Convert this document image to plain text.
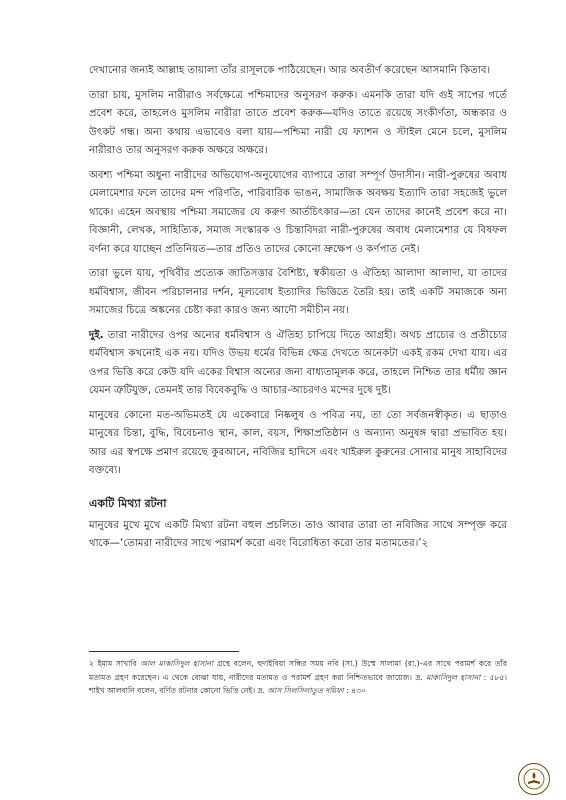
দেখানোর জন্যই আল্লাহ তায়ালা তাঁর রাসূলকে পাঠিয়েছেন। আর অবতীর্ণ করেছেন আসমানি কিতাব।

তারা চায়, মুসলিম নারীরাও সর্বক্ষেত্রে পশ্চিমাদের অনুসরণ করুক। এমনকি তারা যদি গুই সাপের গর্তে প্রবেশ করে, তাহলেও মুসলিম নারীরা তাতে প্রবেশ করুক—যদিও তাতে রয়েছে সংকীর্ণতা, অন্ধকার ও উৎকট গন্ধ। অন্য কথায় এভাবেও বলা যায়—পশ্চিমা নারী যে ফ্যাশন ও স্টাইল মেনে চলে, মুসলিম নারীরাও তার অনুসরণ করুক অক্ষরে অক্ষরে।

অবশ্য পশ্চিমা অধুনা নারীদের অভিযোগ-অনুযোগের ব্যাপারে তারা সম্পূর্ণ উদাসীন। নারী-পুরুষের অবাধ মেলামেশার ফলে তাদের মন্দ পরিণতি, পারিবারিক ভাঙন, সামাজিক অবক্ষয় ইত্যাদি তারা সহজেই ভুলে থাকে। এহেন অবস্থায় পশ্চিমা সমাজের যে করুণ আর্তচিৎকার—তা যেন তাদের কানেই প্রবেশ করে না। বিজ্ঞানী, লেখক, সাহিত্যিক, সমাজ সংস্কারক ও চিন্তাবিদরা নারী-পুরুষের অবাধ মেলামেশার যে বিষফল বর্ণনা করে যাচ্ছেন প্রতিনিয়ত—তার প্রতিও তাদের কোনো ভ্রুক্ষেপ ও কর্ণপাত নেই।

তারা ভুলে যায়, পৃথিবীর প্রত্যেক জাতিসত্তার বৈশিষ্ট্য, স্বকীয়তা ও ঐতিহ্য আলাদা আলাদা, যা তাদের ধর্মবিশ্বাস, জীবন পরিচালনার দর্শন, মূল্যবোধ ইত্যাদির ভিত্তিতে তৈরি হয়। তাই একটি সমাজকে অন্য সমাজের চিত্রে অঙ্কনের চেষ্টা করা কারও জন্য আদৌ সমীচীন নয়।

দুই. তারা নারীদের ওপর অন্যের ধর্মবিশ্বাস ও ঐতিহ্য চাপিয়ে দিতে আগ্রহী। অথচ প্রাচ্যের ও প্রতীচ্যের ধর্মবিশ্বাস কখনোই এক নয়। যদিও উভয় ধর্মের বিভিন্ন ক্ষেত্র দেখতে অনেকটা একই রকম দেখা যায়। এর ওপর ভিত্তি করে কেউ যদি একের বিশ্বাস অন্যের জন্য বাধ্যতামূলক করে, তাহলে নিশ্চিত তার ধর্মীয় জ্ঞান যেমন ত্রুটিযুক্ত, তেমনই তার বিবেকবুদ্ধি ও আচার-আচরণও মন্দের দুষে দুষ্ট।

মানুষের কোনো মত-অভিমতই যে একেবারে নিষ্কলুষ ও পবিত্র নয়, তা তো সর্বজনস্বীকৃত। এ ছাড়াও মানুষের চিন্তা, বুদ্ধি, বিবেচনাও স্থান, কাল, বয়স, শিক্ষাপ্রতিষ্ঠান ও অন্যান্য অনুষঙ্গ দ্বারা প্রভাবিত হয়। আর এর স্বপক্ষে প্রমাণ রয়েছে কুরআনে, নবিজির হাদিসে এবং খাইরুল কুরুনের সোনার মানুষ সাহাবিদের বক্তব্যে।

একটি মিথ্যা রটনা

মানুষের মুখে মুখে একটি মিথ্যা রটনা বহুল প্রচলিত। তাও আবার তারা তা নবিজির সাথে সম্পৃক্ত করে থাকে—‘তোমরা নারীদের সাথে পরামর্শ করো এবং বিরোধিতা করো তার মতামতের।’২

২ ইমাম সাখাবি আল মাকাসিদুল হাসানা গ্রন্থে বলেন, হুদাইবিয়া সন্ধির সময় নবি (সা.) উম্মে সালামা (রা.)-এর সাথে পরামর্শ করে তাঁর মতামত গ্রহণ করেছেন। এ থেকে বোঝা যায়, নারীদের মতামত ও পরামর্শ গ্রহণ করা নিশ্চিতভাবে জায়েজ। দ্র. মাকাসিদুল হাসানা : ৫৮৫। শাইখ আলবানি বলেন, বর্ণিত রটনার কোনো ভিত্তি নেই। দ্র. আস সিলসিলাতুত দয়িফা : ৪৩০
